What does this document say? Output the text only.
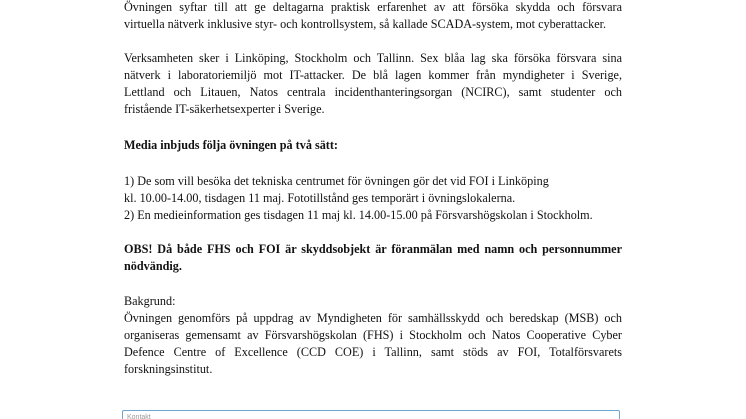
Övningen syftar till att ge deltagarna praktisk erfarenhet av att försöka skydda och försvara
virtuella nätverk inklusive styr- och kontrollsystem, så kallade SCADA-system, mot cyberattacker.

Verksamheten sker i Linköping, Stockholm och Tallinn. Sex blåa lag ska försöka försvara sina
nätverk i laboratoriemiljö mot IT-attacker. De blå lagen kommer från myndigheter i Sverige,
Lettland och Litauen, Natos centrala incidenthanteringsorgan (NCIRC), samt studenter och
fristående IT-säkerhetsexperter i Sverige.

Media inbjuds följa övningen på två sätt:

1) De som vill besöka det tekniska centrumet för övningen gör det vid FOI i Linköping
kl. 10.00-14.00, tisdagen 11 maj. Fototillstånd ges temporärt i övningslokalerna.
2) En medieinformation ges tisdagen 11 maj kl. 14.00-15.00 på Försvarshögskolan i Stockholm.

OBS! Då både FHS och FOI är skyddsobjekt är föranmälan med namn och personnummer
nödvändig.

Bakgrund:

Övningen genomförs på uppdrag av Myndigheten för samhällsskydd och beredskap (MSB) och
organiseras gemensamt av Försvarshögskolan (FHS) i Stockholm och Natos Cooperative Cyber
Defence Centre of Excellence (CCD COE) i Tallinn, samt stöds av FOI, Totalförsvarets
forskningsinstitut.

Kontakt
